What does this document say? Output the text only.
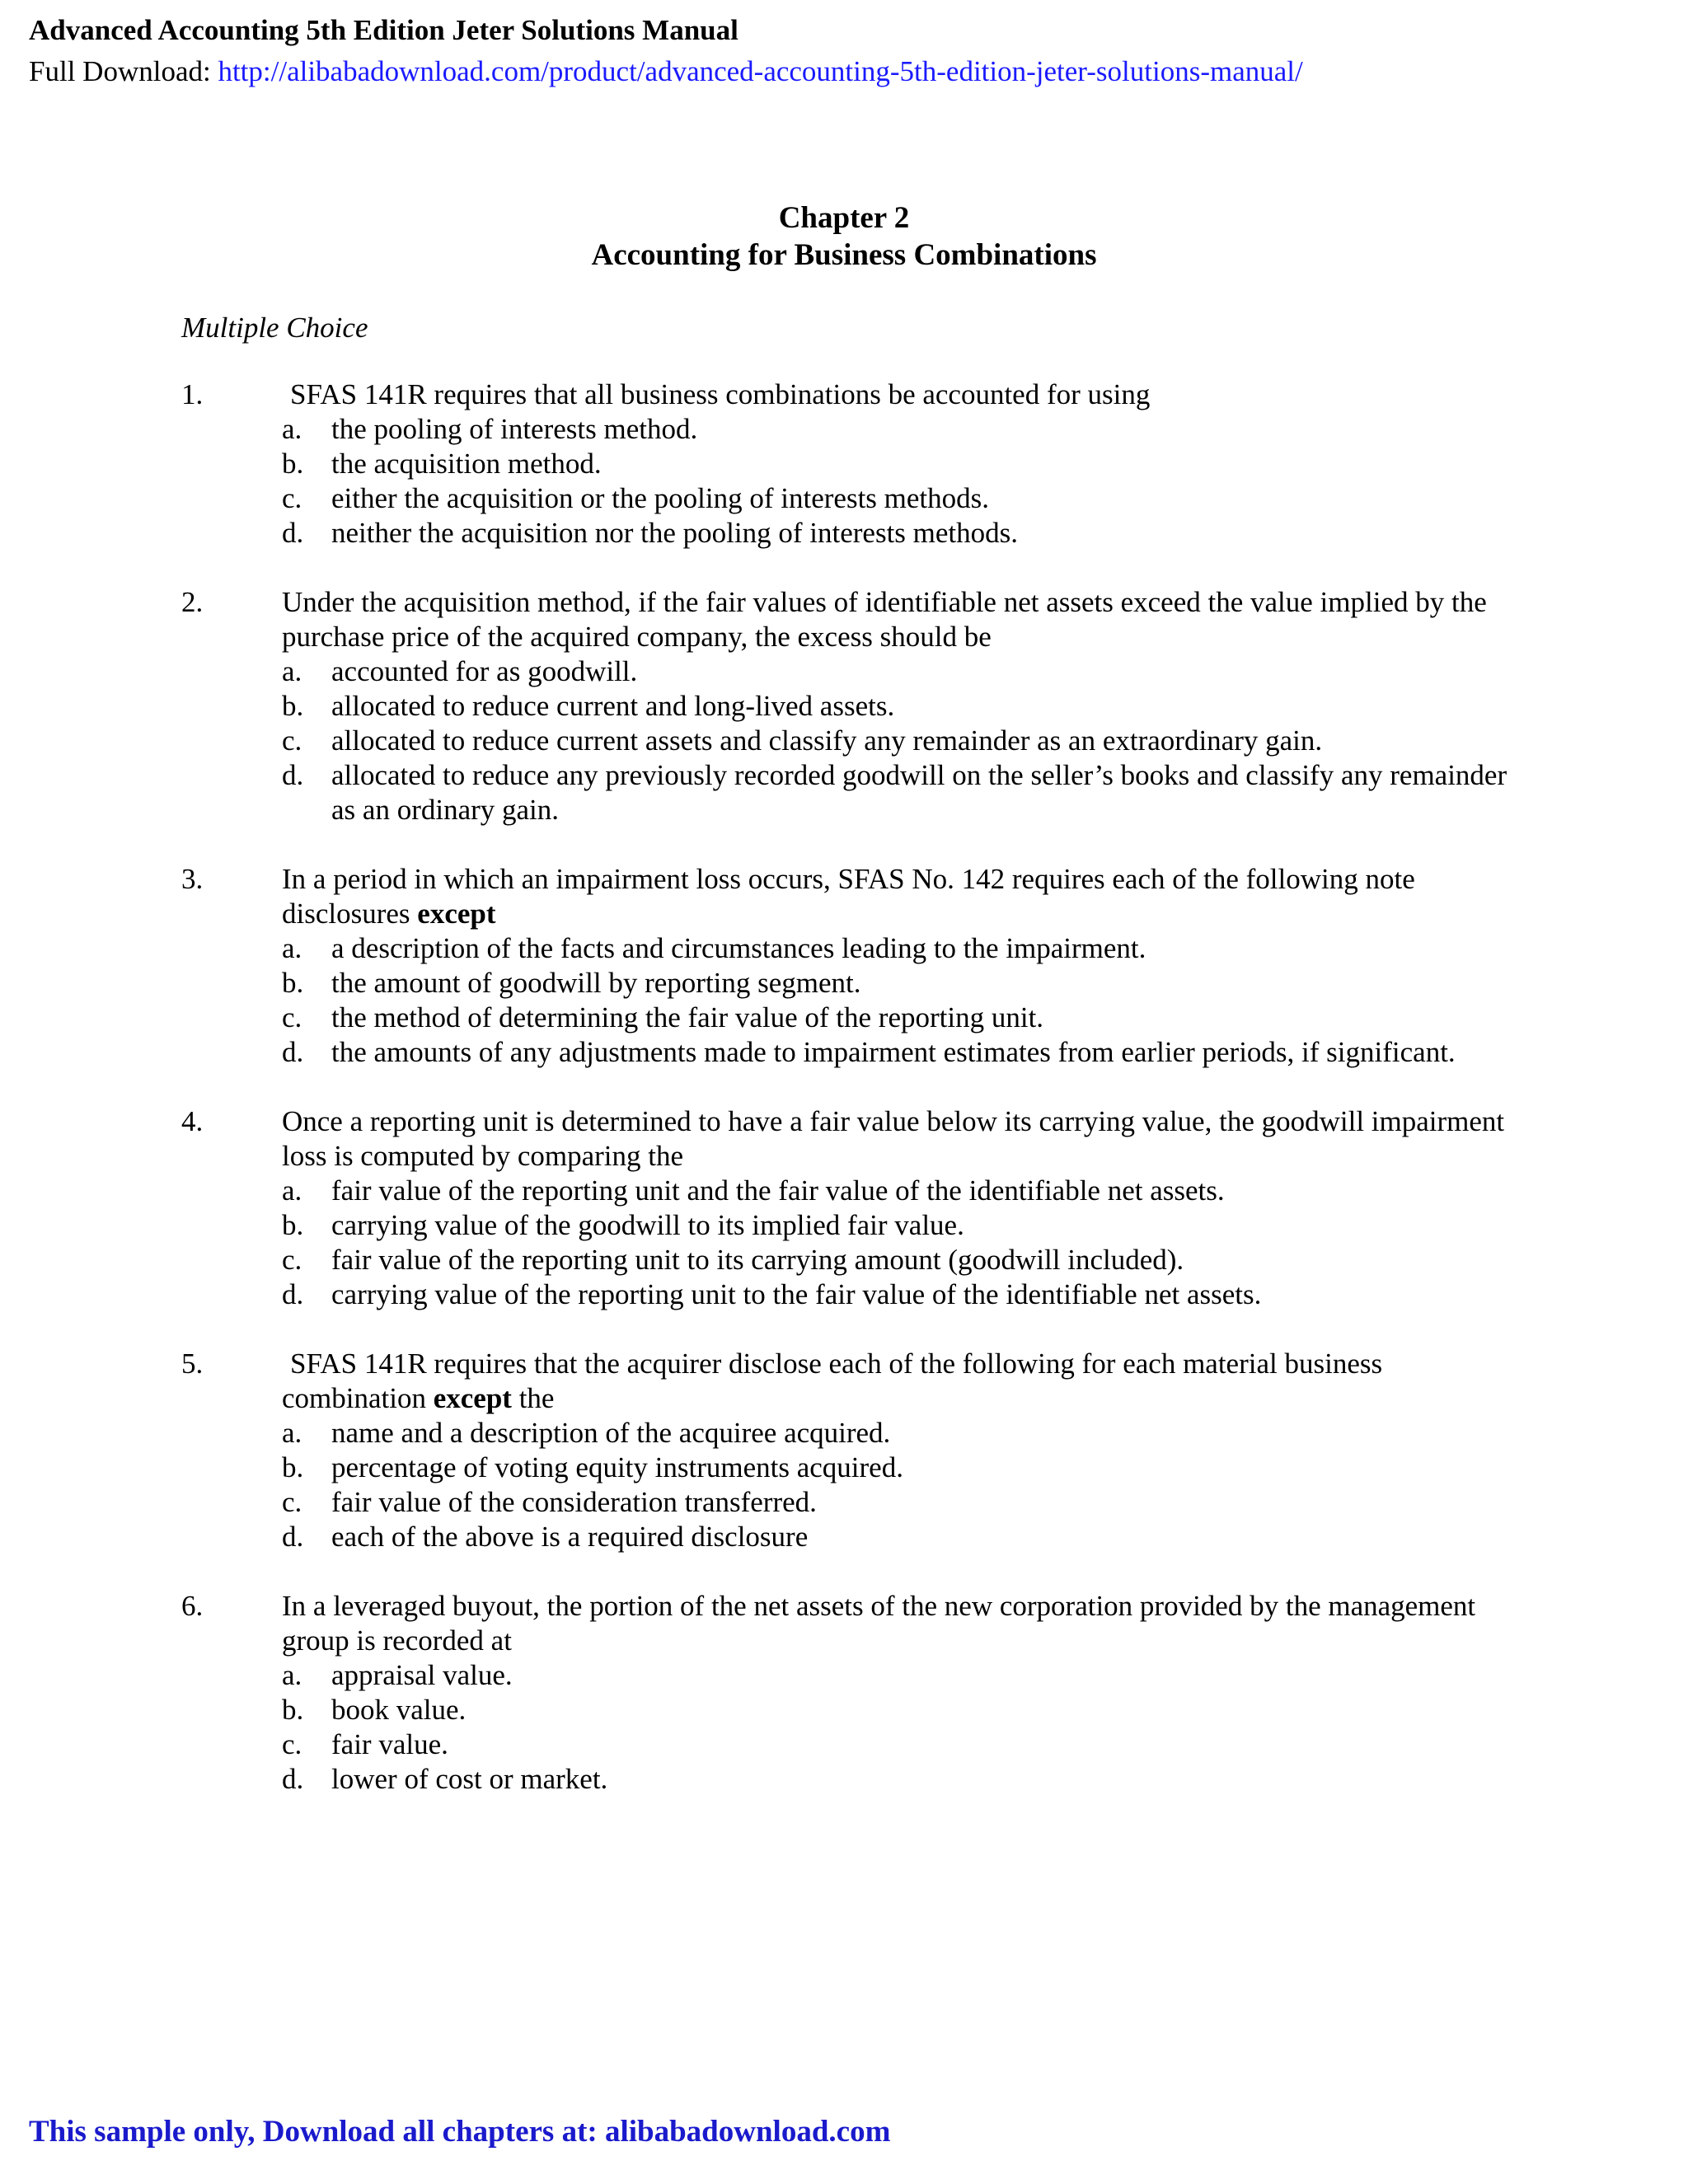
Advanced Accounting 5th Edition Jeter Solutions Manual
Full Download: http://alibabadownload.com/product/advanced-accounting-5th-edition-jeter-solutions-manual/
Chapter 2
Accounting for Business Combinations
Multiple Choice
1.	SFAS 141R requires that all business combinations be accounted for using
a. the pooling of interests method.
b. the acquisition method.
c. either the acquisition or the pooling of interests methods.
d. neither the acquisition nor the pooling of interests methods.
2.	Under the acquisition method, if the fair values of identifiable net assets exceed the value implied by the purchase price of the acquired company, the excess should be
a. accounted for as goodwill.
b. allocated to reduce current and long-lived assets.
c. allocated to reduce current assets and classify any remainder as an extraordinary gain.
d. allocated to reduce any previously recorded goodwill on the seller’s books and classify any remainder as an ordinary gain.
3.	In a period in which an impairment loss occurs, SFAS No. 142 requires each of the following note disclosures except
a. a description of the facts and circumstances leading to the impairment.
b. the amount of goodwill by reporting segment.
c. the method of determining the fair value of the reporting unit.
d. the amounts of any adjustments made to impairment estimates from earlier periods, if significant.
4.	Once a reporting unit is determined to have a fair value below its carrying value, the goodwill impairment loss is computed by comparing the
a. fair value of the reporting unit and the fair value of the identifiable net assets.
b. carrying value of the goodwill to its implied fair value.
c. fair value of the reporting unit to its carrying amount (goodwill included).
d. carrying value of the reporting unit to the fair value of the identifiable net assets.
5.	SFAS 141R requires that the acquirer disclose each of the following for each material business combination except the
a. name and a description of the acquiree acquired.
b. percentage of voting equity instruments acquired.
c. fair value of the consideration transferred.
d. each of the above is a required disclosure
6.	In a leveraged buyout, the portion of the net assets of the new corporation provided by the management group is recorded at
a. appraisal value.
b. book value.
c. fair value.
d. lower of cost or market.
This sample only, Download all chapters at: alibabadownload.com
